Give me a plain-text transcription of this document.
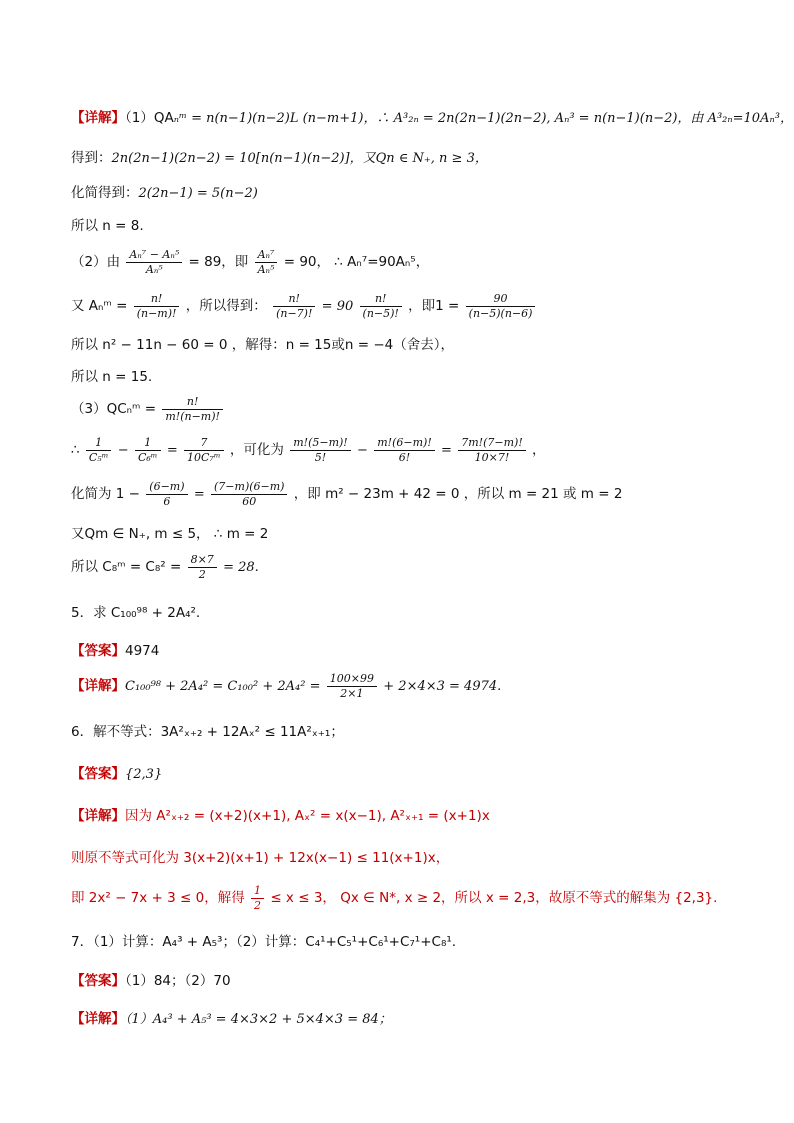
【详解】（1）QAₙᵐ = n(n−1)(n−2)L (n−m+1)，∴ A³₂ₙ = 2n(2n−1)(2n−2), Aₙ³ = n(n−1)(n−2)，由 A³₂ₙ=10Aₙ³，
得到：2n(2n−1)(2n−2) = 10[n(n−1)(n−2)]，又Qn ∈ N₊, n ≥ 3，
化简得到：2(2n−1) = 5(n−2)
所以 n = 8.
（2）由 $\frac{\text{Aₙ⁷ − Aₙ⁵}}{\text{Aₙ⁵}} = 89$，即 $\frac{\text{Aₙ⁷}}{\text{Aₙ⁵}} = 90$， ∴ Aₙ⁷=90Aₙ⁵，
又 Aₙᵐ = $\frac{n!}{(n-m)!}$ ，所以得到： $\frac{n!}{(n-7)!} = 90 \frac{n!}{(n-5)!}$ ，即$1 = \frac{90}{(n-5)(n-6)}$
所以 n² − 11n − 60 = 0 ，解得：n = 15或n = −4（舍去），
所以 n = 15.
（3）QCₙᵐ = $\frac{n!}{m!(n-m)!}$
∴ $\frac{1}{\text{C₅ᵐ}} - \frac{1}{\text{C₆ᵐ}} = \frac{7}{\text{10C₇ᵐ}}$ ，可化为 $\frac{m!(5-m)!}{5!} - \frac{m!(6-m)!}{6!} = \frac{7m!(7-m)!}{10\times 7!}$ ，
化简为 $1 - \frac{(6-m)}{6} = \frac{(7-m)(6-m)}{60}$ ，即 m² − 23m + 42 = 0 ，所以 m = 21 或 m = 2
又Qm ∈ N₊, m ≤ 5， ∴ m = 2
所以 C₈ᵐ = $C_8^2 = \frac{8\times 7}{2} = 28$.
5．求 C₁₀₀⁹⁸ + 2A₄².
【答案】4974
【详解】$C_{100}^{98} + 2A_4^2 = C_{100}^2 + 2A_4^2 = \frac{100\times 99}{2\times 1} + 2\times 4\times 3 = 4974$.
6．解不等式：3A²ₓ₊₂ + 12Aₓ² ≤ 11A²ₓ₊₁；
【答案】{2,3}
【详解】因为 A²ₓ₊₂ = (x+2)(x+1), Aₓ² = x(x−1), A²ₓ₊₁ = (x+1)x
则原不等式可化为 3(x+2)(x+1) + 12x(x−1) ≤ 11(x+1)x，
即 2x² − 7x + 3 ≤ 0，解得 $\frac{1}{2} \le x \le 3$， Qx ∈ N*, x ≥ 2，所以 x = 2,3，故原不等式的解集为 {2,3}.
7．（1）计算：A₄³ + A₅³；（2）计算：C₄¹+C₅¹+C₆¹+C₇¹+C₈¹.
【答案】（1）84；（2）70
【详解】（1）A₄³ + A₅³ = 4×3×2 + 5×4×3 = 84；
